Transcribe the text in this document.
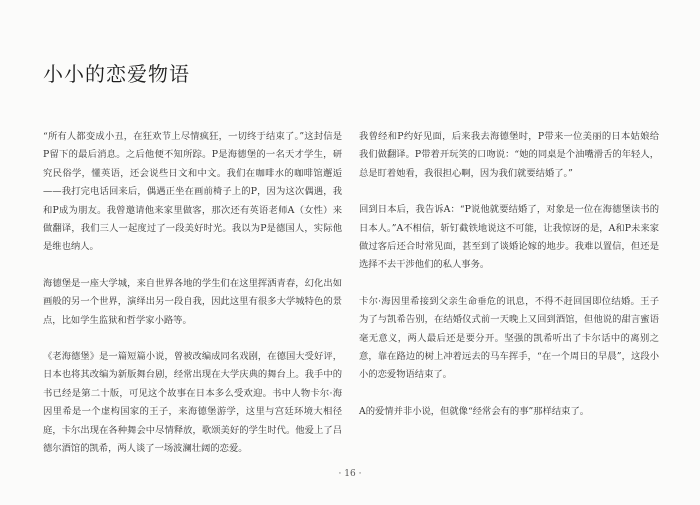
小小的恋爱物语

“所有人都变成小丑，在狂欢节上尽情疯狂，一切终于结束了。”这封信是P留下的最后消息。之后他便不知所踪。P是海德堡的一名天才学生，研究民俗学，懂英语，还会说些日文和中文。我们在咖啡水的咖啡馆邂逅——我打完电话回来后，偶遇正坐在画前椅子上的P，因为这次偶遇，我和P成为朋友。我曾邀请他来家里做客，那次还有英语老师A（女性）来做翻译，我们三人一起度过了一段美好时光。我以为P是德国人，实际他是维也纳人。

海德堡是一座大学城，来自世界各地的学生们在这里挥洒青春，幻化出如画般的另一个世界，演绎出另一段自我，因此这里有很多大学城特色的景点，比如学生监狱和哲学家小路等。

《老海德堡》是一篇短篇小说，曾被改编成同名戏剧，在德国大受好评，日本也将其改编为新版舞台剧，经常出现在大学庆典的舞台上。我手中的书已经是第二十版，可见这个故事在日本多么受欢迎。书中人物卡尔·海因里希是一个虚构国家的王子，来海德堡游学，这里与宫廷环境大相径庭，卡尔出现在各种舞会中尽情释放，歌颂美好的学生时代。他爱上了吕德尔酒馆的凯希，两人谈了一场波澜壮阔的恋爱。

我曾经和P约好见面，后来我去海德堡时，P带来一位美丽的日本姑娘给我们做翻译。P带着开玩笑的口吻说：“她的同桌是个油嘴滑舌的年轻人，总是盯着她看，我很担心啊，因为我们就要结婚了。”

回到日本后，我告诉A：“P说他就要结婚了，对象是一位在海德堡读书的日本人。”A不相信，斩钉截铁地说这不可能，让我惊讶的是，A和P未来家做过客后还合时常见面，甚至到了谈婚论嫁的地步。我难以置信，但还是选择不去干涉他们的私人事务。

卡尔·海因里希接到父亲生命垂危的讯息，不得不赶回国即位结婚。王子为了与凯希告别，在结婚仪式前一天晚上又回到酒馆，但他说的甜言蜜语毫无意义，两人最后还是要分开。坚强的凯希听出了卡尔话中的离别之意，靠在路边的树上冲着远去的马车挥手，“在一个周日的早晨”，这段小小的恋爱物语结束了。

A的爱情并非小说，但就像“经常会有的事”那样结束了。

· 16 ·
